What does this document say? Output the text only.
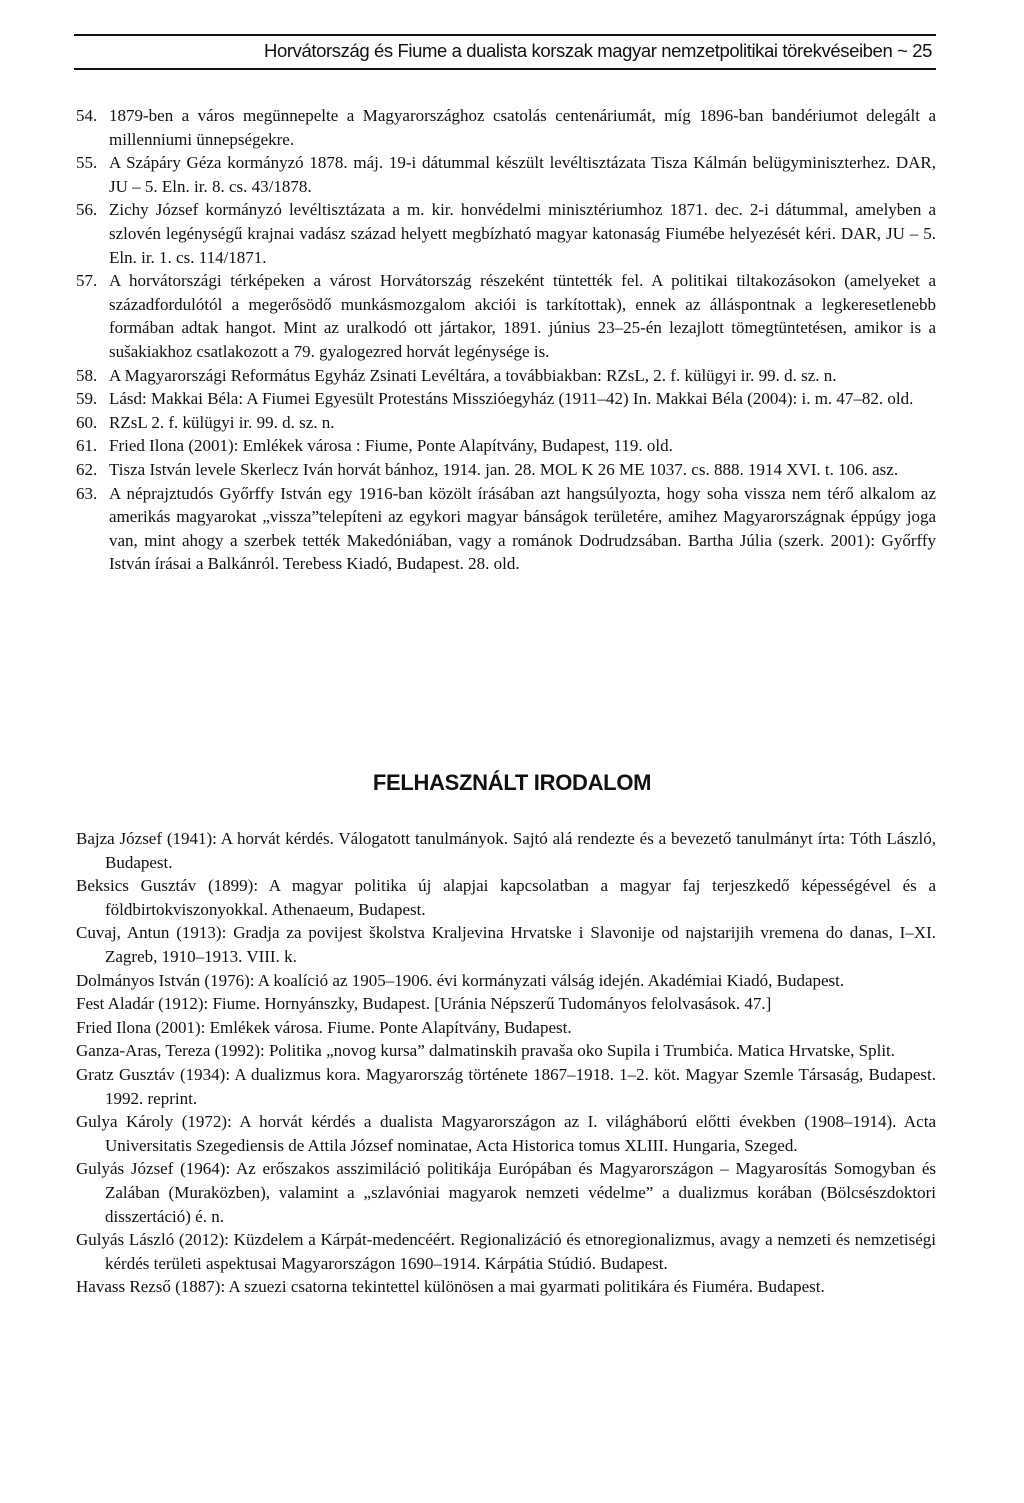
Horvátország és Fiume a dualista korszak magyar nemzetpolitikai törekvéseiben ~ 25
54. 1879-ben a város megünnepelte a Magyarországhoz csatolás centenáriumát, míg 1896-ban bandériumot delegált a millenniumi ünnepségekre.
55. A Szápáry Géza kormányzó 1878. máj. 19-i dátummal készült levéltisztázata Tisza Kálmán belügyminiszterhez. DAR, JU – 5. Eln. ir. 8. cs. 43/1878.
56. Zichy József kormányzó levéltisztázata a m. kir. honvédelmi minisztériumhoz 1871. dec. 2-i dátummal, amelyben a szlovén legénységű krajnai vadász század helyett megbízható magyar katonaság Fiumébe helyezését kéri. DAR, JU – 5. Eln. ir. 1. cs. 114/1871.
57. A horvátországi térképeken a várost Horvátország részeként tüntették fel. A politikai tiltakozásokon (amelyeket a századfordulótól a megerősödő munkásmozgalom akciói is tarkítottak), ennek az álláspontnak a legkeresetlenebb formában adtak hangot. Mint az uralkodó ott jártakor, 1891. június 23–25-én lezajlott tömegtüntetésen, amikor is a sušakiakhoz csatlakozott a 79. gyalogezred horvát legénysége is.
58. A Magyarországi Református Egyház Zsinati Levéltára, a továbbiakban: RZsL, 2. f. külügyi ir. 99. d. sz. n.
59. Lásd: Makkai Béla: A Fiumei Egyesült Protestáns Misszióegyház (1911–42) In. Makkai Béla (2004): i. m. 47–82. old.
60. RZsL 2. f. külügyi ir. 99. d. sz. n.
61. Fried Ilona (2001): Emlékek városa : Fiume, Ponte Alapítvány, Budapest, 119. old.
62. Tisza István levele Skerlecz Iván horvát bánhoz, 1914. jan. 28. MOL K 26 ME 1037. cs. 888. 1914 XVI. t. 106. asz.
63. A néprajztudós Győrffy István egy 1916-ban közölt írásában azt hangsúlyozta, hogy soha vissza nem térő alkalom az amerikás magyarokat „vissza”telepíteni az egykori magyar bánságok területére, amihez Magyarországnak éppúgy joga van, mint ahogy a szerbek tették Makedóniában, vagy a románok Dodrudzsában. Bartha Júlia (szerk. 2001): Győrffy István írásai a Balkánról. Terebess Kiadó, Budapest. 28. old.
FELHASZNÁLT IRODALOM
Bajza József (1941): A horvát kérdés. Válogatott tanulmányok. Sajtó alá rendezte és a bevezető tanulmányt írta: Tóth László, Budapest.
Beksics Gusztáv (1899): A magyar politika új alapjai kapcsolatban a magyar faj terjeszkedő képességével és a földbirtokviszonyokkal. Athenaeum, Budapest.
Cuvaj, Antun (1913): Gradja za povijest školstva Kraljevina Hrvatske i Slavonije od najstarijih vremena do danas, I–XI. Zagreb, 1910–1913. VIII. k.
Dolmányos István (1976): A koalíció az 1905–1906. évi kormányzati válság idején. Akadémiai Kiadó, Budapest.
Fest Aladár (1912): Fiume. Hornyánszky, Budapest. [Uránia Népszerű Tudományos felolvasások. 47.]
Fried Ilona (2001): Emlékek városa. Fiume. Ponte Alapítvány, Budapest.
Ganza-Aras, Tereza (1992): Politika „novog kursa” dalmatinskih pravaša oko Supila i Trumbića. Matica Hrvatske, Split.
Gratz Gusztáv (1934): A dualizmus kora. Magyarország története 1867–1918. 1–2. köt. Magyar Szemle Társaság, Budapest. 1992. reprint.
Gulya Károly (1972): A horvát kérdés a dualista Magyarországon az I. világháború előtti években (1908–1914). Acta Universitatis Szegediensis de Attila József nominatae, Acta Historica tomus XLIII. Hungaria, Szeged.
Gulyás József (1964): Az erőszakos asszimiláció politikája Európában és Magyarországon – Magyarosítás Somogyban és Zalában (Muraközben), valamint a „szlavóniai magyarok nemzeti védelme” a dualizmus korában (Bölcsészdoktori disszertáció) é. n.
Gulyás László (2012): Küzdelem a Kárpát-medencéért. Regionalizáció és etnoregionalizmus, avagy a nemzeti és nemzetiségi kérdés területi aspektusai Magyarországon 1690–1914. Kárpátia Stúdió. Budapest.
Havass Rezső (1887): A szuezi csatorna tekintettel különösen a mai gyarmati politikára és Fiuméra. Budapest.
